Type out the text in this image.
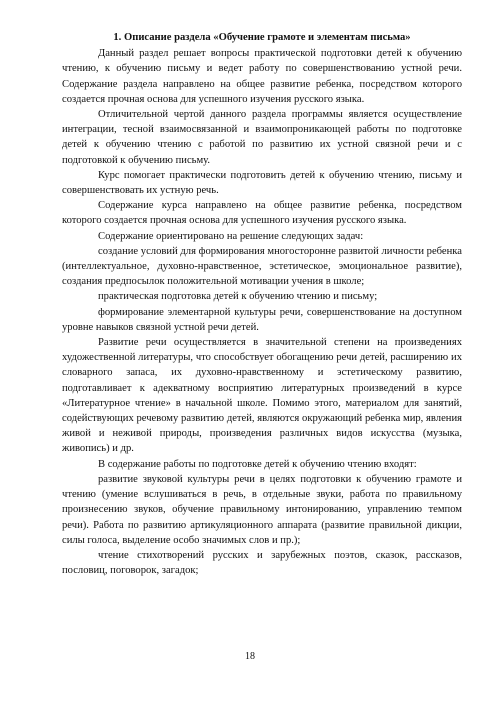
1. Описание раздела «Обучение грамоте и элементам письма»

Данный раздел решает вопросы практической подготовки детей к обучению чтению, к обучению письму и ведет работу по совершенствованию устной речи. Содержание раздела направлено на общее развитие ребенка, посредством которого создается прочная основа для успешного изучения русского языка.

Отличительной чертой данного раздела программы является осуществление интеграции, тесной взаимосвязанной и взаимопроникающей работы по подготовке детей к обучению чтению с работой по развитию их устной связной речи и с подготовкой к обучению письму.

Курс помогает практически подготовить детей к обучению чтению, письму и совершенствовать их устную речь.

Содержание курса направлено на общее развитие ребенка, посредством которого создается прочная основа для успешного изучения русского языка.

Содержание ориентировано на решение следующих задач:

создание условий для формирования многосторонне развитой личности ребенка (интеллектуальное, духовно-нравственное, эстетическое, эмоциональное развитие), создания предпосылок положительной мотивации учения в школе;

практическая подготовка детей к обучению чтению и письму;

формирование элементарной культуры речи, совершенствование на доступном уровне навыков связной устной речи детей.

Развитие речи осуществляется в значительной степени на произведениях художественной литературы, что способствует обогащению речи детей, расширению их словарного запаса, их духовно-нравственному и эстетическому развитию, подготавливает к адекватному восприятию литературных произведений в курсе «Литературное чтение» в начальной школе. Помимо этого, материалом для занятий, содействующих речевому развитию детей, являются окружающий ребенка мир, явления живой и неживой природы, произведения различных видов искусства (музыка, живопись) и др.

В содержание работы по подготовке детей к обучению чтению входят:

развитие звуковой культуры речи в целях подготовки к обучению грамоте и чтению (умение вслушиваться в речь, в отдельные звуки, работа по правильному произнесению звуков, обучение правильному интонированию, управлению темпом речи). Работа по развитию артикуляционного аппарата (развитие правильной дикции, силы голоса, выделение особо значимых слов и пр.);

чтение стихотворений русских и зарубежных поэтов, сказок, рассказов, пословиц, поговорок, загадок;

18
